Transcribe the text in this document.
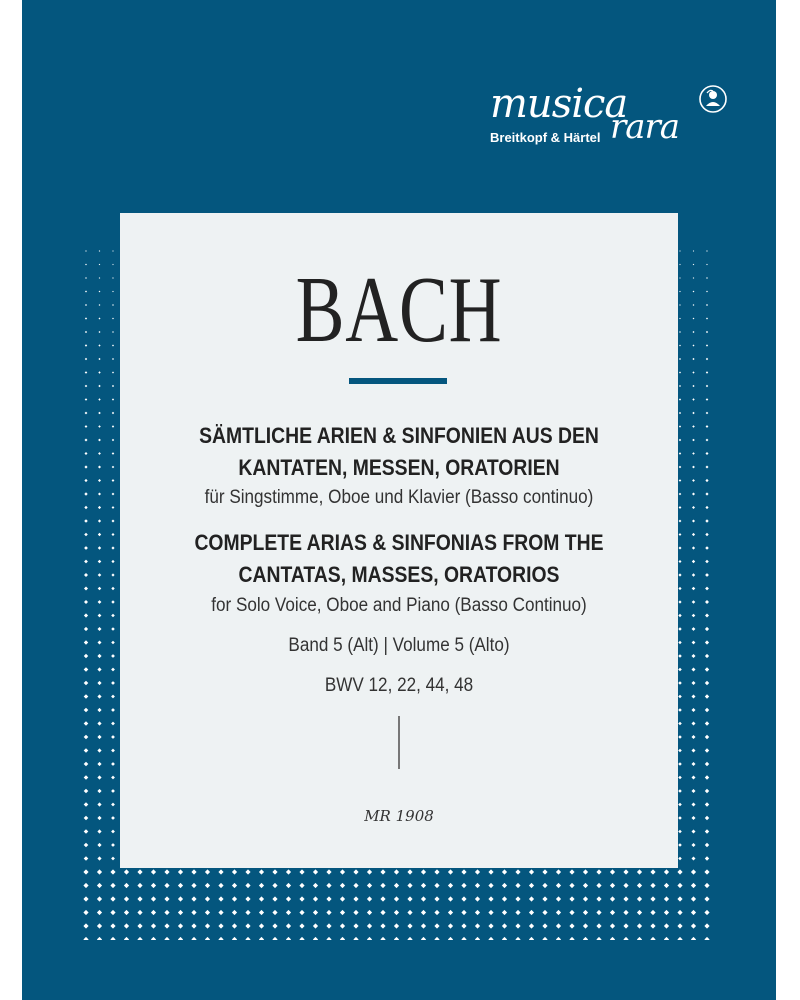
musica
Breitkopf & Härtel rara
BACH
SÄMTLICHE ARIEN & SINFONIEN AUS DEN
KANTATEN, MESSEN, ORATORIEN
für Singstimme, Oboe und Klavier (Basso continuo)
COMPLETE ARIAS & SINFONIAS FROM THE
CANTATAS, MASSES, ORATORIOS
for Solo Voice, Oboe and Piano (Basso Continuo)
Band 5 (Alt) | Volume 5 (Alto)
BWV 12, 22, 44, 48
MR 1908
